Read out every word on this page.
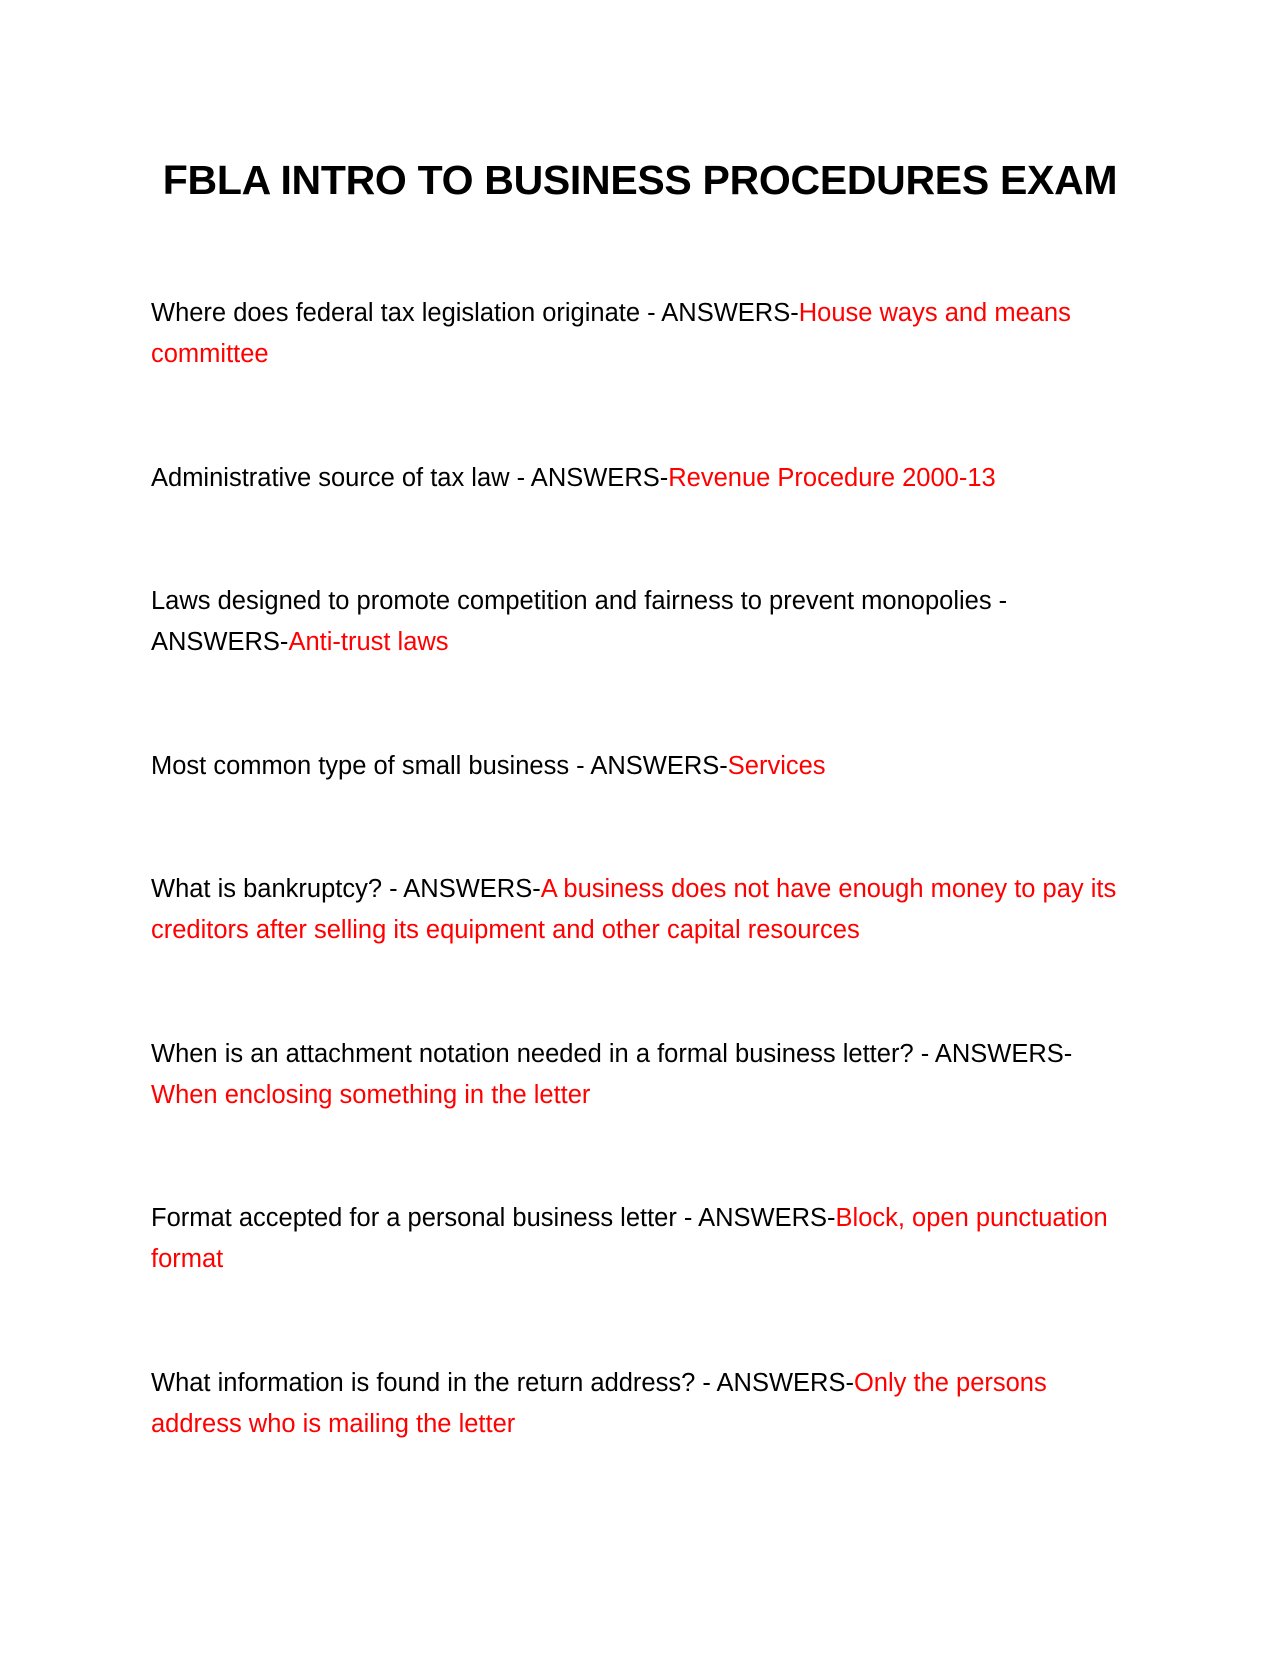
FBLA INTRO TO BUSINESS PROCEDURES EXAM

Where does federal tax legislation originate - ANSWERS-House ways and means committee

Administrative source of tax law - ANSWERS-Revenue Procedure 2000-13

Laws designed to promote competition and fairness to prevent monopolies - ANSWERS-Anti-trust laws

Most common type of small business - ANSWERS-Services

What is bankruptcy? - ANSWERS-A business does not have enough money to pay its creditors after selling its equipment and other capital resources

When is an attachment notation needed in a formal business letter? - ANSWERS-When enclosing something in the letter

Format accepted for a personal business letter - ANSWERS-Block, open punctuation format

What information is found in the return address? - ANSWERS-Only the persons address who is mailing the letter
